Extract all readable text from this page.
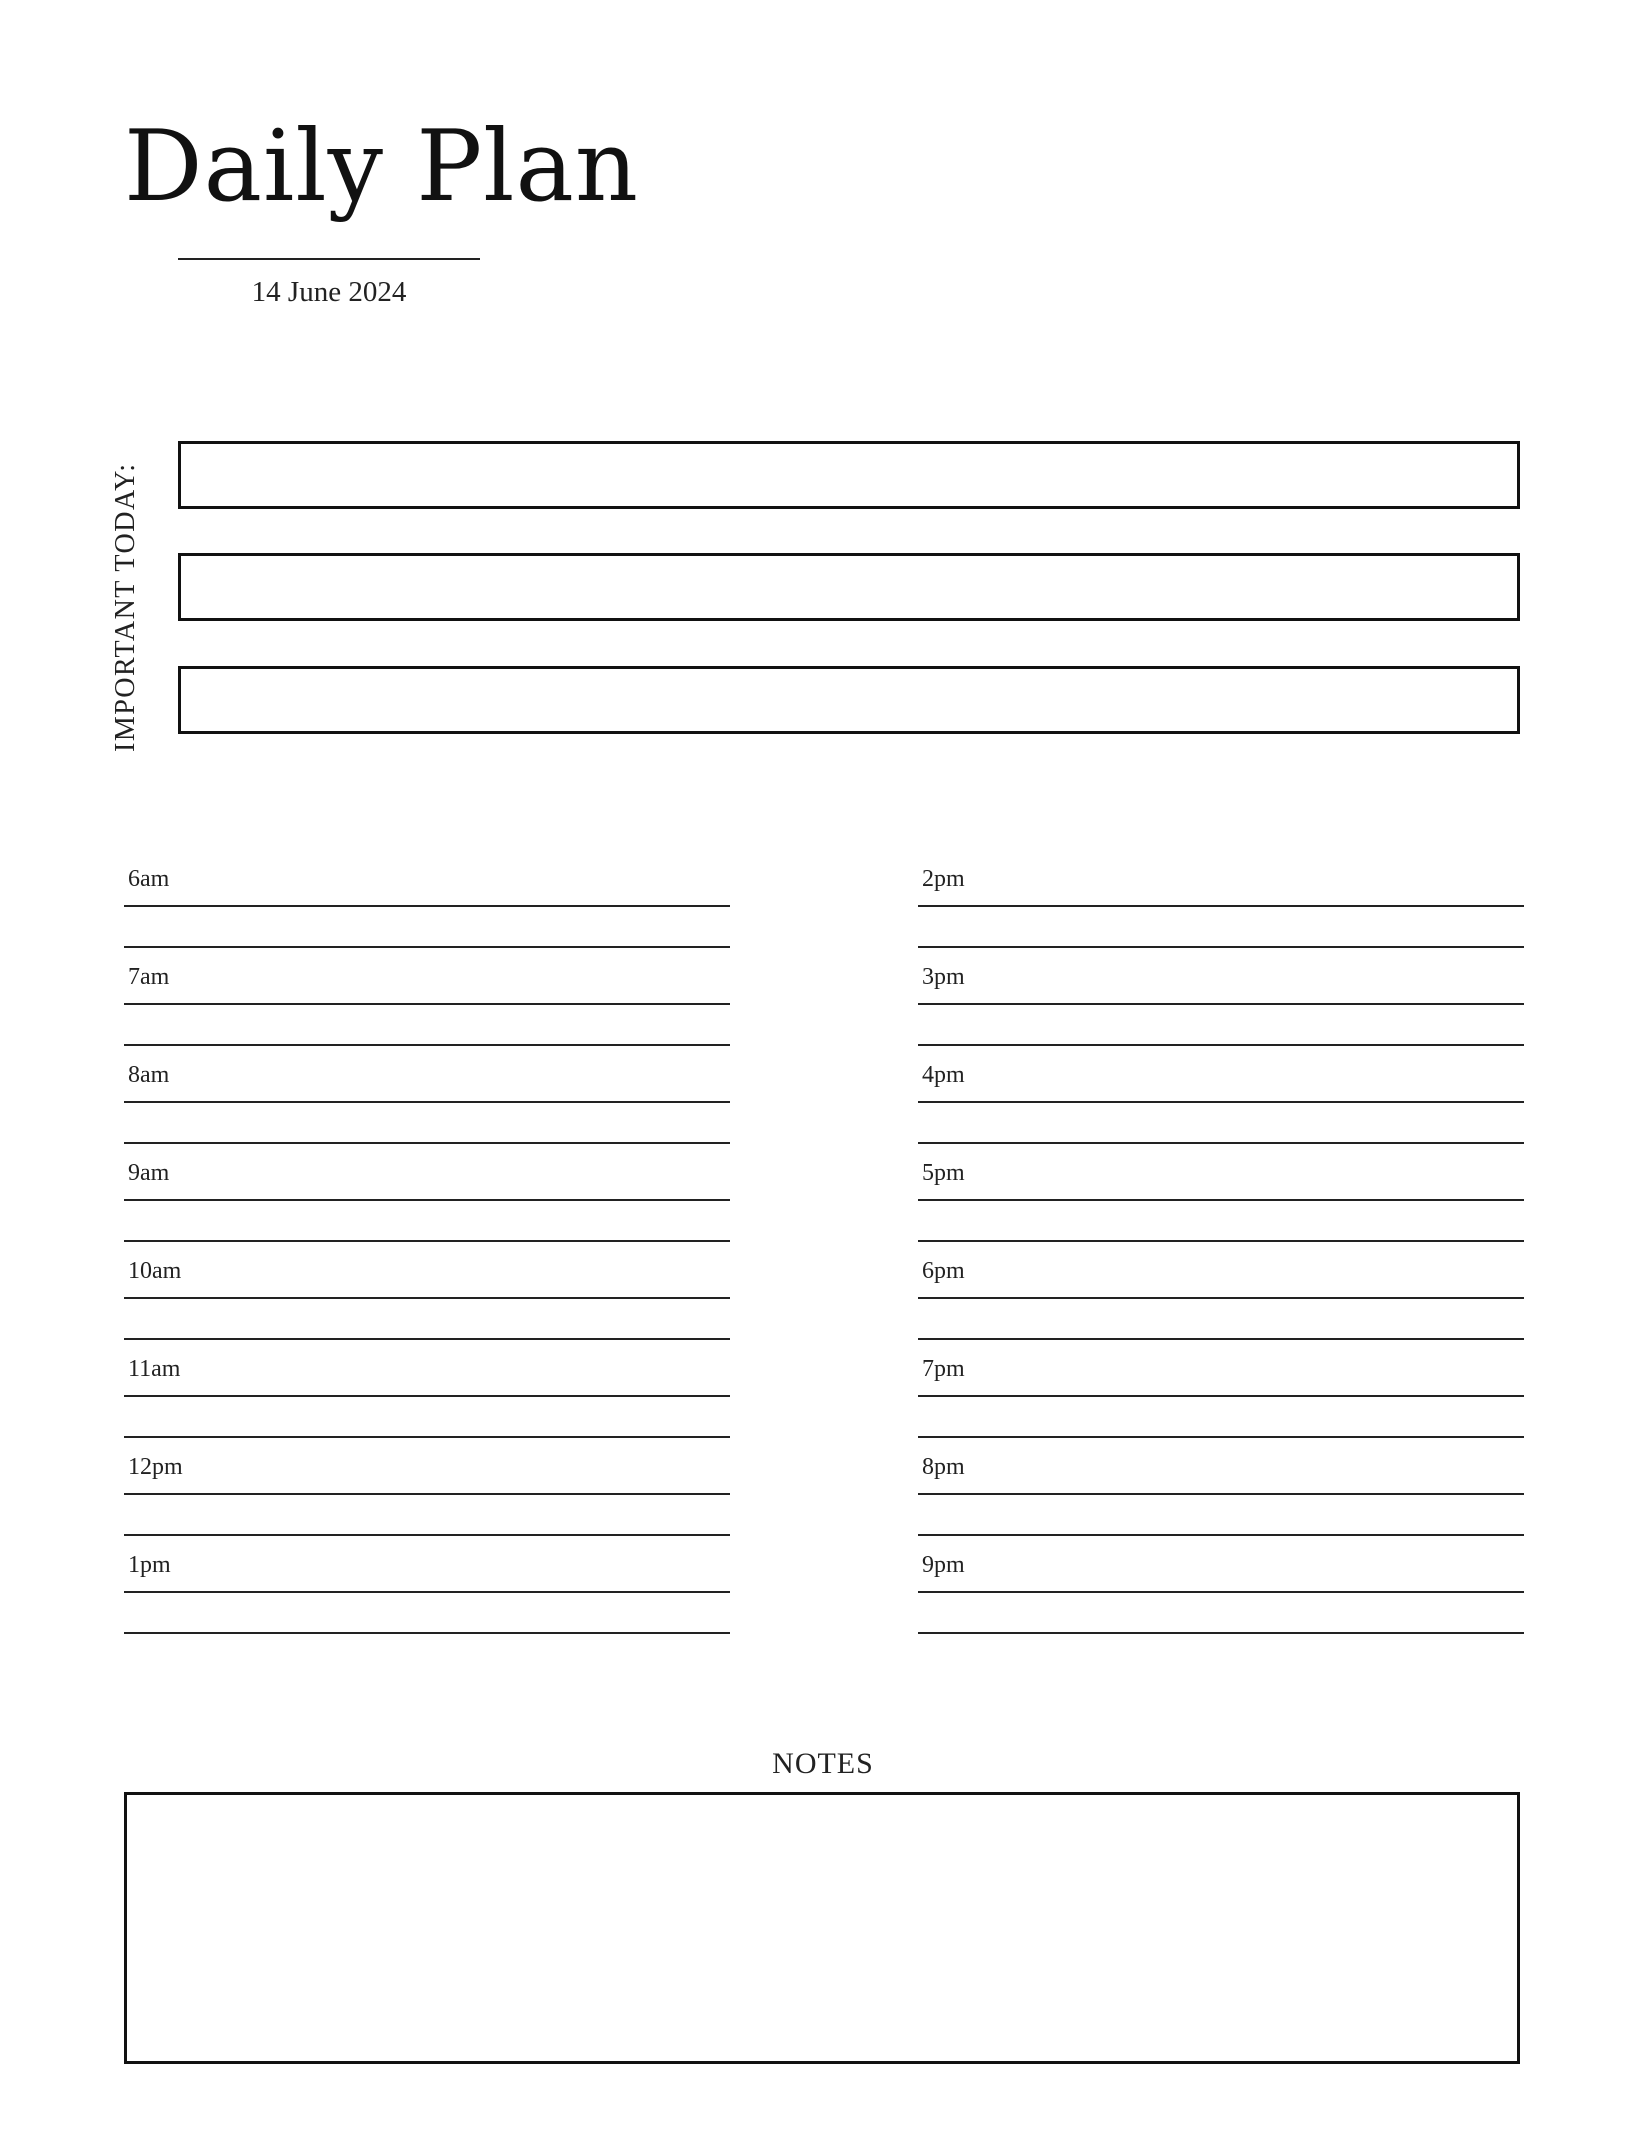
Daily Plan
14 June 2024
IMPORTANT TODAY:
6am
7am
8am
9am
10am
11am
12pm
1pm
2pm
3pm
4pm
5pm
6pm
7pm
8pm
9pm
NOTES
